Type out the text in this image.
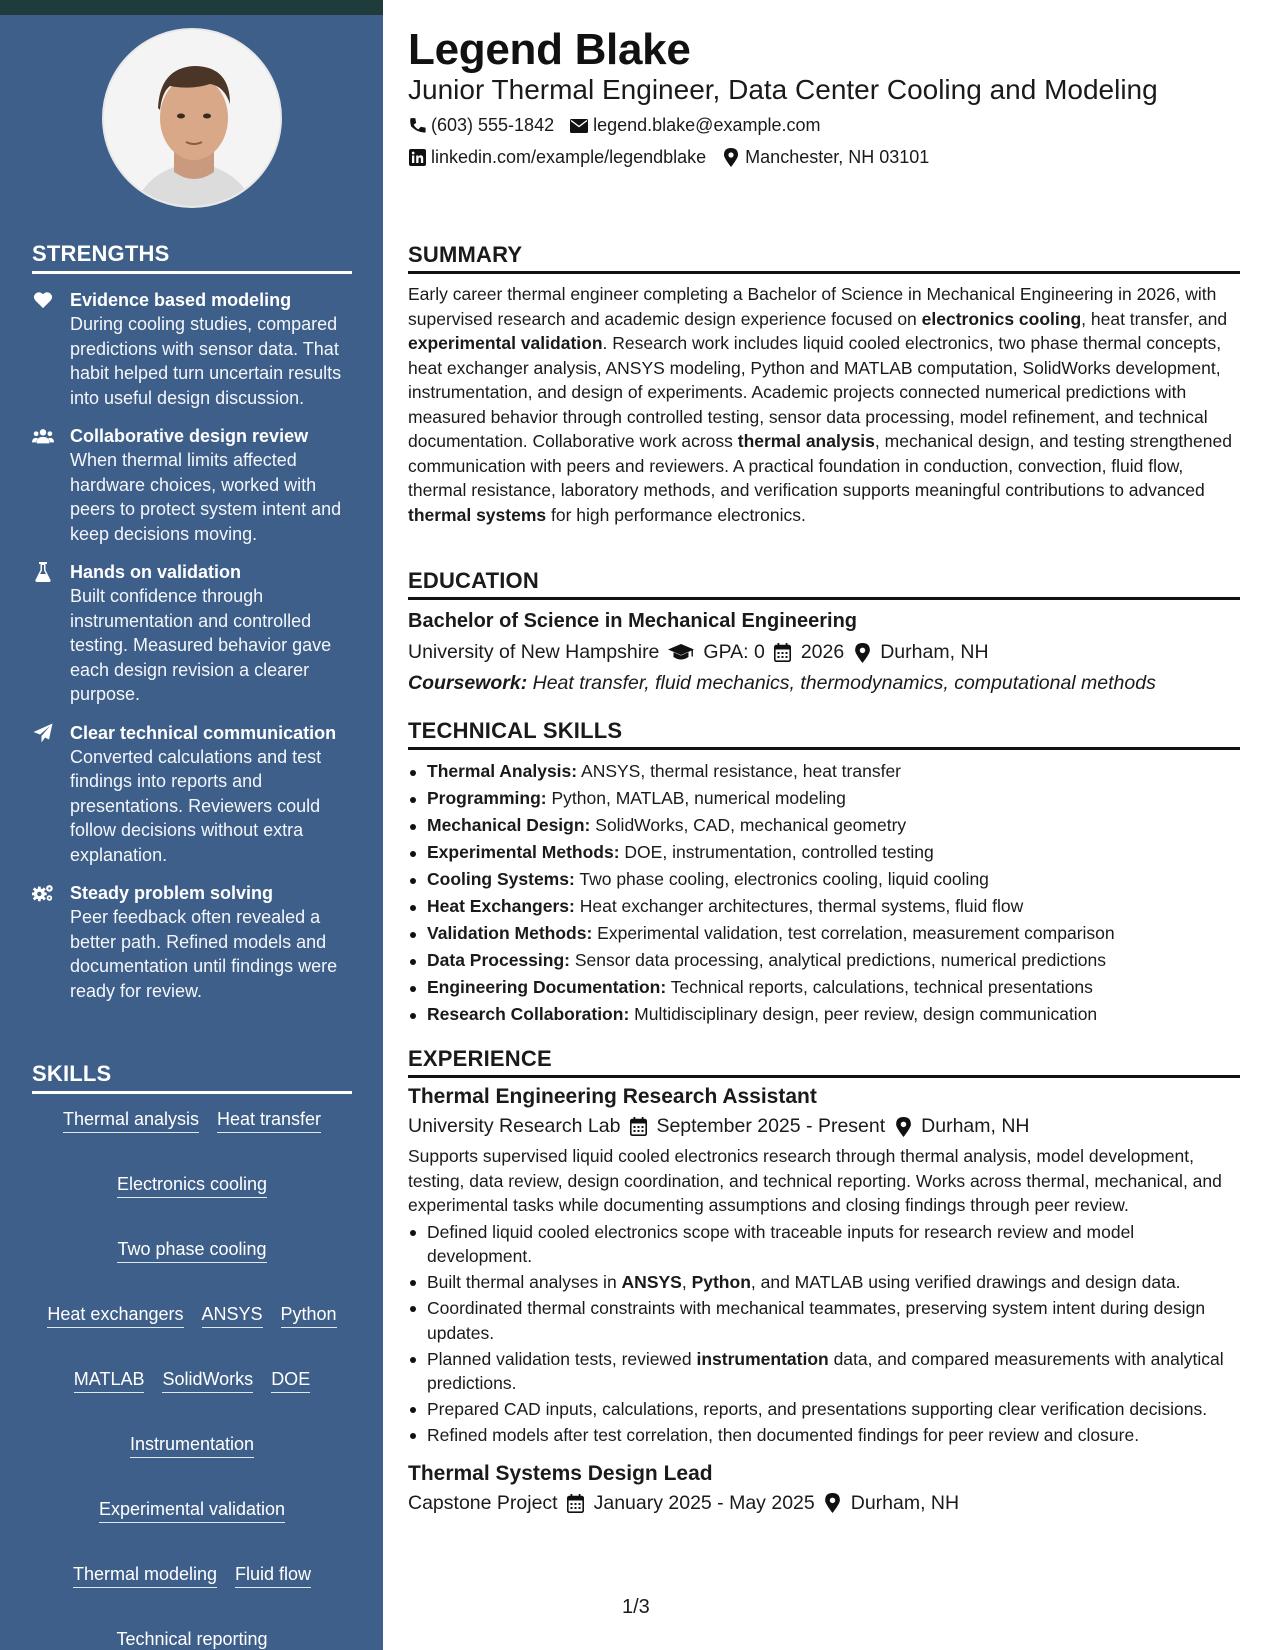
STRENGTHS
Evidence based modeling
During cooling studies, compared predictions with sensor data. That habit helped turn uncertain results into useful design discussion.
Collaborative design review
When thermal limits affected hardware choices, worked with peers to protect system intent and keep decisions moving.
Hands on validation
Built confidence through instrumentation and controlled testing. Measured behavior gave each design revision a clearer purpose.
Clear technical communication
Converted calculations and test findings into reports and presentations. Reviewers could follow decisions without extra explanation.
Steady problem solving
Peer feedback often revealed a better path. Refined models and documentation until findings were ready for review.
SKILLS
Thermal analysis Heat transfer
Electronics cooling
Two phase cooling
Heat exchangers ANSYS Python
MATLAB SolidWorks DOE
Instrumentation
Experimental validation
Thermal modeling Fluid flow
Technical reporting
Legend Blake
Junior Thermal Engineer, Data Center Cooling and Modeling
(603) 555-1842 legend.blake@example.com
linkedin.com/example/legendblake Manchester, NH 03101
SUMMARY

Early career thermal engineer completing a Bachelor of Science in Mechanical Engineering in 2026, with supervised research and academic design experience focused on electronics cooling, heat transfer, and experimental validation. Research work includes liquid cooled electronics, two phase thermal concepts, heat exchanger analysis, ANSYS modeling, Python and MATLAB computation, SolidWorks development, instrumentation, and design of experiments. Academic projects connected numerical predictions with measured behavior through controlled testing, sensor data processing, model refinement, and technical documentation. Collaborative work across thermal analysis, mechanical design, and testing strengthened communication with peers and reviewers. A practical foundation in conduction, convection, fluid flow, thermal resistance, laboratory methods, and verification supports meaningful contributions to advanced thermal systems for high performance electronics.

EDUCATION
Bachelor of Science in Mechanical Engineering
University of New Hampshire GPA: 0 2026 Durham, NH
Coursework: Heat transfer, fluid mechanics, thermodynamics, computational methods
TECHNICAL SKILLS
Thermal Analysis: ANSYS, thermal resistance, heat transfer
Programming: Python, MATLAB, numerical modeling
Mechanical Design: SolidWorks, CAD, mechanical geometry
Experimental Methods: DOE, instrumentation, controlled testing
Cooling Systems: Two phase cooling, electronics cooling, liquid cooling
Heat Exchangers: Heat exchanger architectures, thermal systems, fluid flow
Validation Methods: Experimental validation, test correlation, measurement comparison
Data Processing: Sensor data processing, analytical predictions, numerical predictions
Engineering Documentation: Technical reports, calculations, technical presentations
Research Collaboration: Multidisciplinary design, peer review, design communication
EXPERIENCE
Thermal Engineering Research Assistant
University Research Lab September 2025 - Present Durham, NH

Supports supervised liquid cooled electronics research through thermal analysis, model development, testing, data review, design coordination, and technical reporting. Works across thermal, mechanical, and experimental tasks while documenting assumptions and closing findings through peer review.

Defined liquid cooled electronics scope with traceable inputs for research review and model development.
Built thermal analyses in ANSYS, Python, and MATLAB using verified drawings and design data.
Coordinated thermal constraints with mechanical teammates, preserving system intent during design updates.
Planned validation tests, reviewed instrumentation data, and compared measurements with analytical predictions.
Prepared CAD inputs, calculations, reports, and presentations supporting clear verification decisions.
Refined models after test correlation, then documented findings for peer review and closure.
Thermal Systems Design Lead
Capstone Project January 2025 - May 2025 Durham, NH
1/3
